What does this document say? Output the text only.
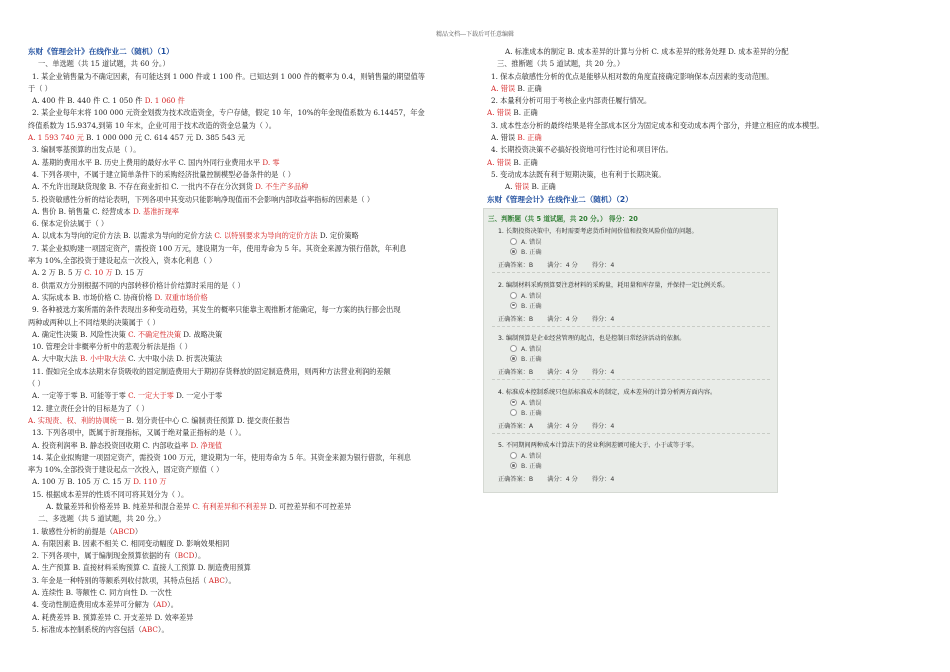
精品文档---下载后可任意编辑
东财《管理会计》在线作业二（随机）（1）
一、单选题（共 15 道试题，共 60 分。）
1. 某企业销售量为不确定因素，有可能达到 1 000 件或 1 100 件。已知达到 1 000 件的概率为 0.4，则销售量的期望值等
于（ ）
A. 400 件 B. 440 件 C. 1 050 件 D. 1 060 件
2. 某企业每年末将 100 000 元资金划拨为技术改造资金，专户存储，假定 10 年，10%的年金现值系数为 6.14457，年金
终值系数为 15.9374,到第 10 年末，企业可用于技术改造的资金总量为（ ）。
A. 1 593 740 元 B. 1 000 000 元 C. 614 457 元 D. 385 543 元
3. 编制零基预算的出发点是（ ）。
A. 基期的费用水平 B. 历史上费用的最好水平 C. 国内外同行业费用水平 D. 零
4. 下列各项中，不属于建立简单条件下的采购经济批量控制模型必备条件的是（ ）
A. 不允许出现缺货现象 B. 不存在商业折扣 C. 一批内不存在分次到货 D. 不生产多品种
5. 投资敏感性分析的结论表明，下列各项中其变动只能影响净现值而不会影响内部收益率指标的因素是（ ）
A. 售价 B. 销售量 C. 经营成本 D. 基准折现率
6. 保本定价法属于（ ）
A. 以成本为导向的定价方法 B. 以需求为导向的定价方法 C. 以特别要求为导向的定价方法 D. 定价策略
7. 某企业拟购建一项固定资产，需投资 100 万元，建设期为一年，使用寿命为 5 年。其资金来源为银行借款，年利息
率为 10%,全部投资于建设起点一次投入，资本化利息（ ）
A. 2 万 B. 5 万 C. 10 万 D. 15 万
8. 供需双方分别根据不同的内部转移价格计价结算时采用的是（ ）
A. 实际成本 B. 市场价格 C. 协商价格 D. 双重市场价格
9. 各种被选方案所需的条件表现出多种变动趋势，其发生的概率只能靠主观推断才能确定，每一方案的执行都会出现
两种或两种以上不同结果的决策属于（ ）
A. 确定性决策 B. 风险性决策 C. 不确定性决策 D. 战略决策
10. 管理会计非概率分析中的悲观分析法是指（ ）
A. 大中取大法 B. 小中取大法 C. 大中取小法 D. 折衷决策法
11. 假如完全成本法期末存货吸收的固定制造费用大于期初存货释放的固定制造费用，则两种方法营业利润的差额
（ ）
A. 一定等于零 B. 可能等于零 C. 一定大于零 D. 一定小于零
12. 建立责任会计的目标是为了（ ）
A. 实现责、权、利的协调统一 B. 划分责任中心 C. 编制责任预算 D. 提交责任报告
13. 下列各项中，既属于折现指标，又属于绝对量正指标的是（ ）。
A. 投资利润率 B. 静态投资回收期 C. 内部收益率 D. 净现值
14. 某企业拟购建一项固定资产，需投资 100 万元，建设期为一年，使用寿命为 5 年。其资金来源为银行借款，年利息
率为 10%,全部投资于建设起点一次投入，固定资产原值（ ）
A. 100 万 B. 105 万 C. 15 万 D. 110 万
15. 根据成本差异的性质不同可将其划分为（ ）。
A. 数量差异和价格差异 B. 纯差异和混合差异 C. 有利差异和不利差异 D. 可控差异和不可控差异
二、多选题（共 5 道试题，共 20 分。）
1. 敏感性分析的前提是（ABCD）
A. 有限因素 B. 因素不相关 C. 相同变动幅度 D. 影响效果相同
2. 下列各项中，属于编制现金预算依据的有（BCD）。
A. 生产预算 B. 直接材料采购预算 C. 直接人工预算 D. 制造费用预算
3. 年金是一种特别的等额系列收付款项，其特点包括（ ABC）。
A. 连续性 B. 等额性 C. 同方向性 D. 一次性
4. 变动性制造费用成本差异可分解为（AD）。
A. 耗费差异 B. 预算差异 C. 开支差异 D. 效率差异
5. 标准成本控制系统的内容包括（ABC）。
A. 标准成本的制定 B. 成本差异的计算与分析 C. 成本差异的账务处理 D. 成本差异的分配
三、推断题（共 5 道试题，共 20 分。）
1. 保本点敏感性分析的优点是能够从相对数的角度直接确定影响保本点因素的变动范围。
A. 错误 B. 正确
2. 本量利分析可用于考核企业内部责任履行情况。
A. 错误 B. 正确
3. 成本性态分析的最终结果是将全部成本区分为固定成本和变动成本两个部分，并建立相应的成本模型。
A. 错误 B. 正确
4. 长期投资决策不必搞好投资地可行性讨论和项目评估。
A. 错误 B. 正确
5. 变动成本法既有利于短期决策，也有利于长期决策。
A. 错误 B. 正确
东财《管理会计》在线作业二（随机）（2）
三、判断题（共 5 道试题，共 20 分。） 得分：20
1. 长期投资决策中，有时需要考虑货币时间价值和投资风险价值的问题。
A. 错误
B. 正确
正确答案：B 满分：4 分 得分：4
2. 编制材料采购预算要注意材料的采购量，耗用量和库存量，并保持一定比例关系。
A. 错误
B. 正确
正确答案：B 满分：4 分 得分：4
3. 编制预算是企业经营管理的起点，也是控制日常经济活动的依据。
A. 错误
B. 正确
正确答案：B 满分：4 分 得分：4
4. 标准成本控制系统只包括标准成本的制定，成本差异的计算分析两方面内容。
A. 错误
B. 正确
正确答案：A 满分：4 分 得分：4
5. 不同期间两种成本计算法下的营业利润差额可能大于、小于或等于零。
A. 错误
B. 正确
正确答案：B 满分：4 分 得分：4
